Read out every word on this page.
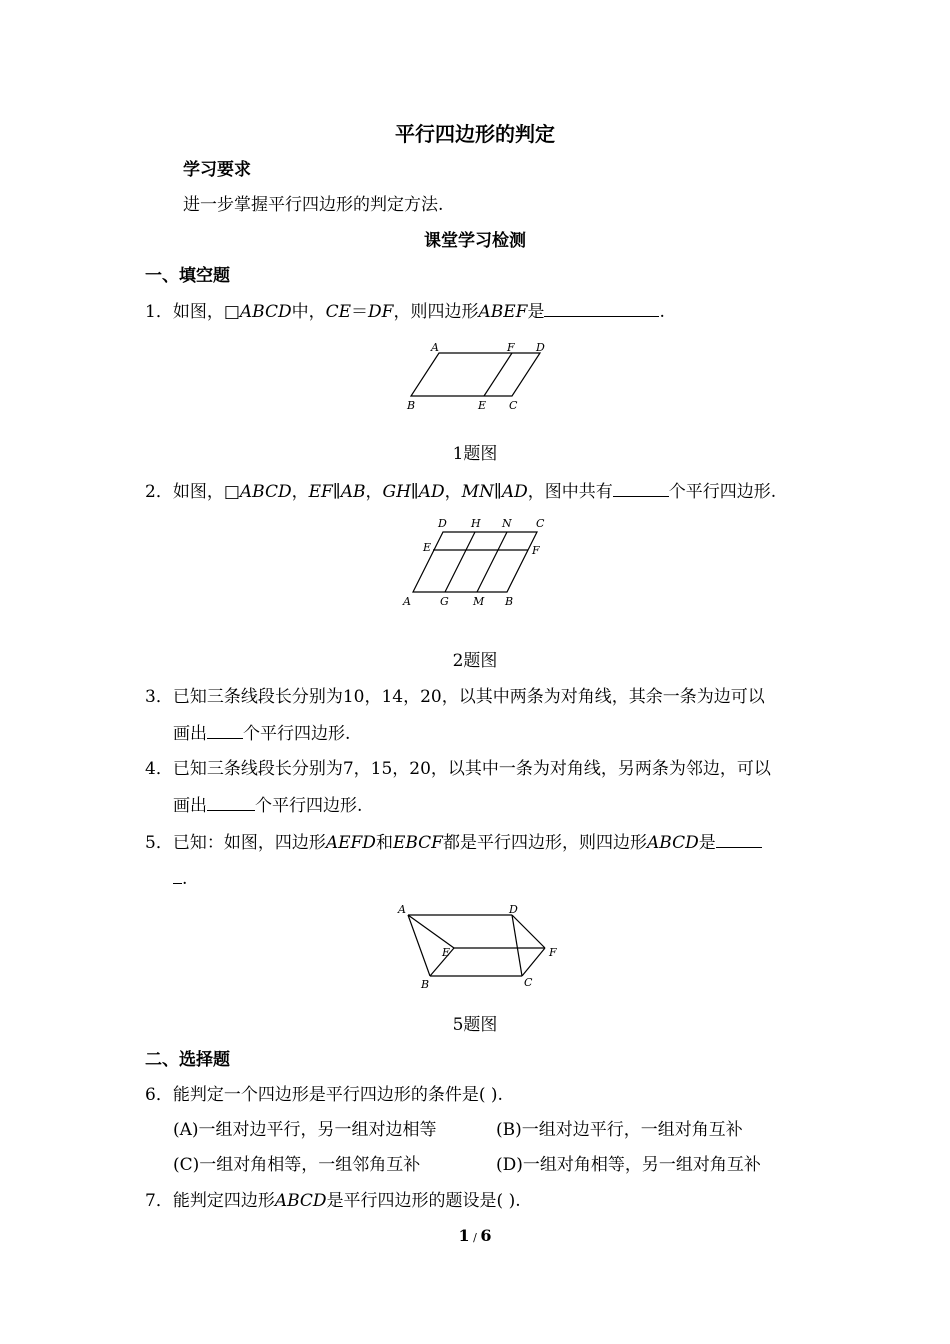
平行四边形的判定
学习要求
进一步掌握平行四边形的判定方法.
课堂学习检测
一、填空题
1．如图，□ABCD中，CE＝DF，则四边形ABEF是	.
A	F D
B	E C
1题图
2．如图，□ABCD，EF∥AB，GH∥AD，MN∥AD，图中共有	个平行四边形.
D H N C
E	F
A	G M B
2题图
3．已知三条线段长分别为10，14，20，以其中两条为对角线，其余一条为边可以
画出 个平行四边形.
4．已知三条线段长分别为7，15，20，以其中一条为对角线，另两条为邻边，可以
画出	个平行四边形.
5．已知：如图，四边形AEFD和EBCF都是平行四边形，则四边形ABCD是
.
A	D
E	F
B	C
5题图
二、选择题
6．能判定一个四边形是平行四边形的条件是( ).
(A)一组对边平行，另一组对边相等	(B)一组对边平行，一组对角互补
(C)一组对角相等，一组邻角互补	(D)一组对角相等，另一组对角互补
7．能判定四边形ABCD是平行四边形的题设是( ).
1 / 6
